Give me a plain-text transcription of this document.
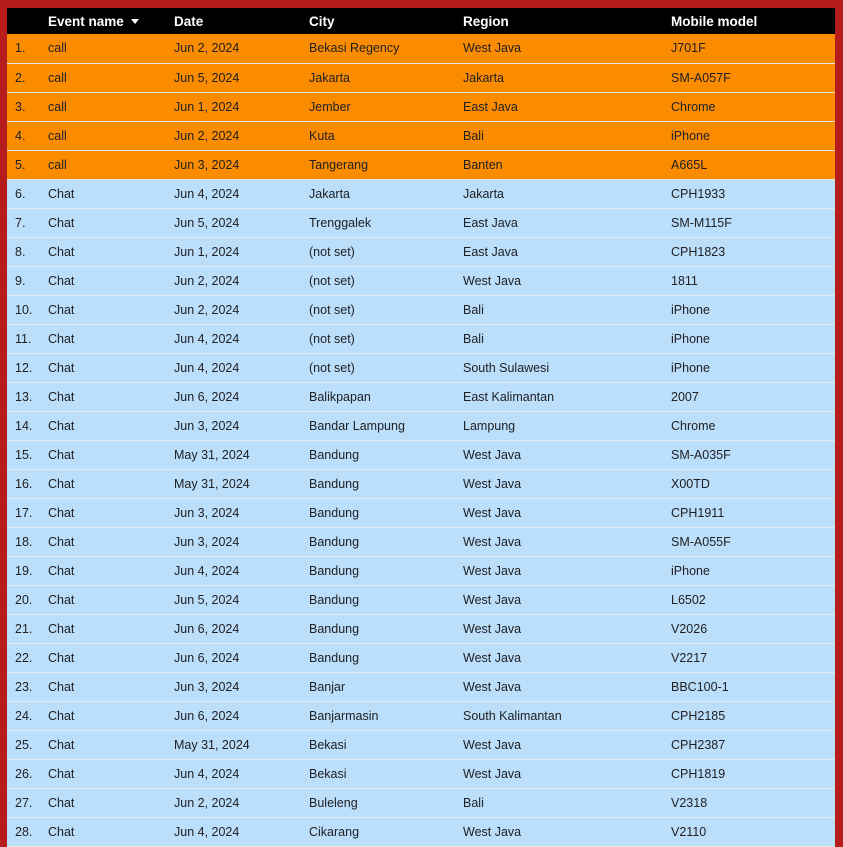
	Event name	Date	City	Region	Mobile model
1.	call	Jun 2, 2024	Bekasi Regency	West Java	J701F
2.	call	Jun 5, 2024	Jakarta	Jakarta	SM-A057F
3.	call	Jun 1, 2024	Jember	East Java	Chrome
4.	call	Jun 2, 2024	Kuta	Bali	iPhone
5.	call	Jun 3, 2024	Tangerang	Banten	A665L
6.	Chat	Jun 4, 2024	Jakarta	Jakarta	CPH1933
7.	Chat	Jun 5, 2024	Trenggalek	East Java	SM-M115F
8.	Chat	Jun 1, 2024	(not set)	East Java	CPH1823
9.	Chat	Jun 2, 2024	(not set)	West Java	1811
10.	Chat	Jun 2, 2024	(not set)	Bali	iPhone
11.	Chat	Jun 4, 2024	(not set)	Bali	iPhone
12.	Chat	Jun 4, 2024	(not set)	South Sulawesi	iPhone
13.	Chat	Jun 6, 2024	Balikpapan	East Kalimantan	2007
14.	Chat	Jun 3, 2024	Bandar Lampung	Lampung	Chrome
15.	Chat	May 31, 2024	Bandung	West Java	SM-A035F
16.	Chat	May 31, 2024	Bandung	West Java	X00TD
17.	Chat	Jun 3, 2024	Bandung	West Java	CPH1911
18.	Chat	Jun 3, 2024	Bandung	West Java	SM-A055F
19.	Chat	Jun 4, 2024	Bandung	West Java	iPhone
20.	Chat	Jun 5, 2024	Bandung	West Java	L6502
21.	Chat	Jun 6, 2024	Bandung	West Java	V2026
22.	Chat	Jun 6, 2024	Bandung	West Java	V2217
23.	Chat	Jun 3, 2024	Banjar	West Java	BBC100-1
24.	Chat	Jun 6, 2024	Banjarmasin	South Kalimantan	CPH2185
25.	Chat	May 31, 2024	Bekasi	West Java	CPH2387
26.	Chat	Jun 4, 2024	Bekasi	West Java	CPH1819
27.	Chat	Jun 2, 2024	Buleleng	Bali	V2318
28.	Chat	Jun 4, 2024	Cikarang	West Java	V2110
